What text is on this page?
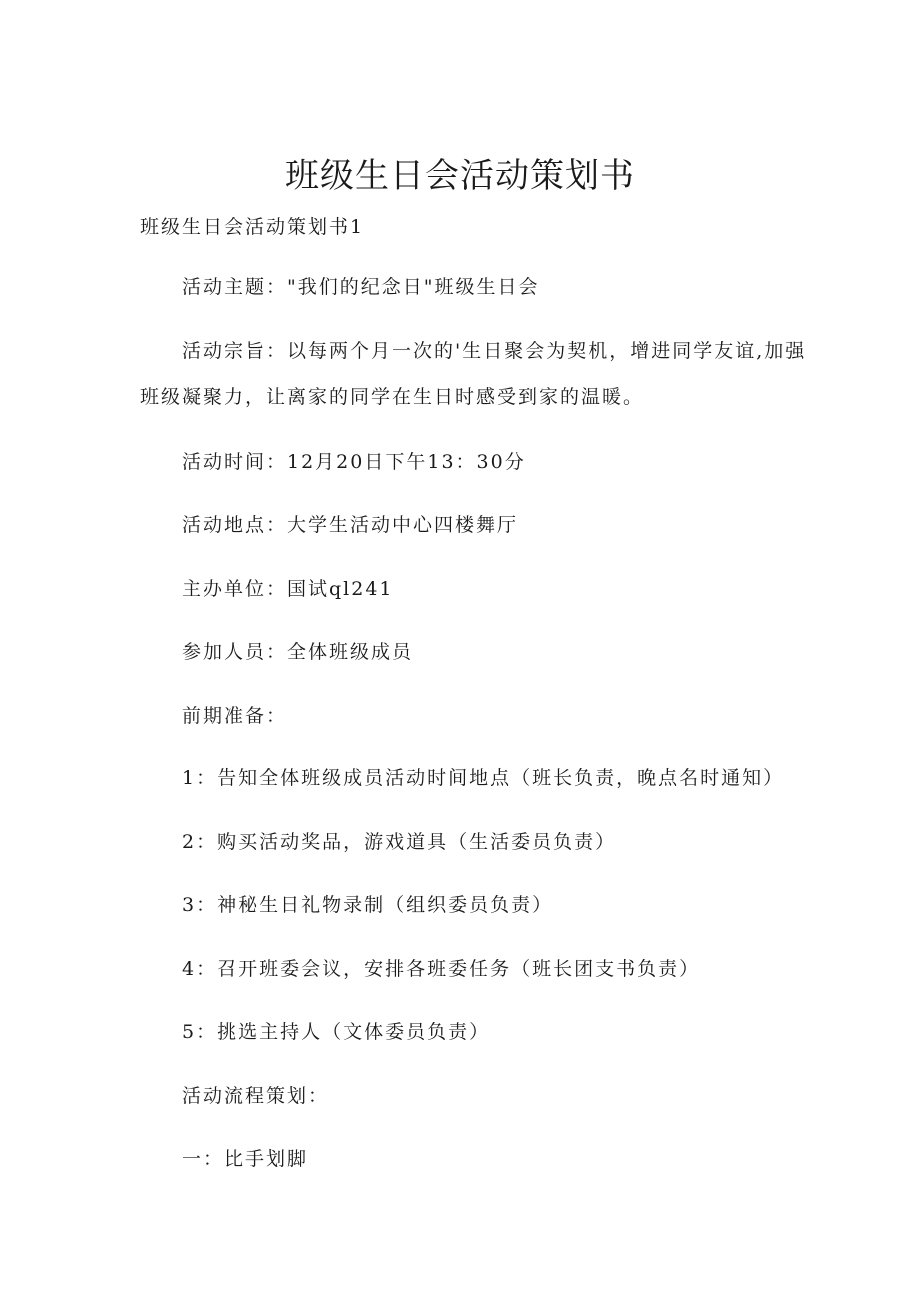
班级生日会活动策划书

班级生日会活动策划书1

活动主题："我们的纪念日"班级生日会

活动宗旨：以每两个月一次的'生日聚会为契机，增进同学友谊,加强

班级凝聚力，让离家的同学在生日时感受到家的温暖。

活动时间：12月20日下午13：30分

活动地点：大学生活动中心四楼舞厅

主办单位：国试ql241

参加人员：全体班级成员

前期准备：

1：告知全体班级成员活动时间地点（班长负责，晚点名时通知）

2：购买活动奖品，游戏道具（生活委员负责）

3：神秘生日礼物录制（组织委员负责）

4：召开班委会议，安排各班委任务（班长团支书负责）

5：挑选主持人（文体委员负责）

活动流程策划：

一：比手划脚
